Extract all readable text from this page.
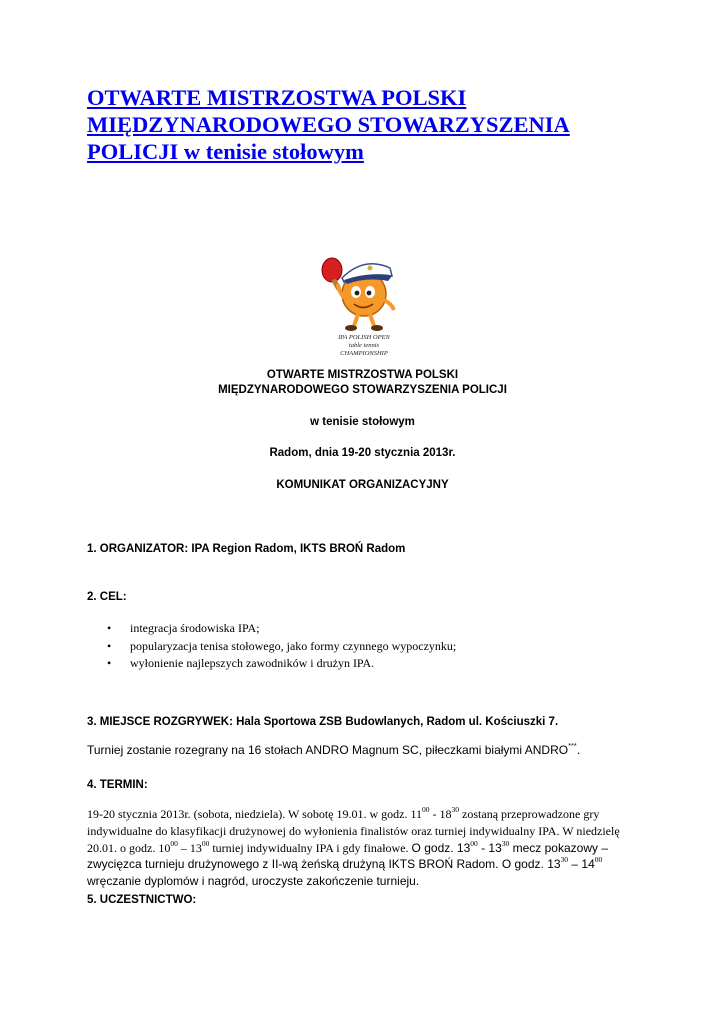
OTWARTE MISTRZOSTWA POLSKI
MIĘDZYNARODOWEGO STOWARZYSZENIA
POLICJI w tenisie stołowym
IPA POLISH OPEN
table tennis
CHAMPIONSHIP
OTWARTE MISTRZOSTWA POLSKI
MIĘDZYNARODOWEGO STOWARZYSZENIA POLICJI
w tenisie stołowym
Radom, dnia 19-20 stycznia 2013r.
KOMUNIKAT ORGANIZACYJNY
1. ORGANIZATOR: IPA Region Radom, IKTS BROŃ Radom
2. CEL:
• integracja środowiska IPA;
• popularyzacja tenisa stołowego, jako formy czynnego wypoczynku;
• wyłonienie najlepszych zawodników i drużyn IPA.
3. MIEJSCE ROZGRYWEK: Hala Sportowa ZSB Budowlanych, Radom ul. Kościuszki 7.
Turniej zostanie rozegrany na 16 stołach ANDRO Magnum SC, piłeczkami białymi ANDRO***.
4. TERMIN:
19-20 stycznia 2013r. (sobota, niedziela). W sobotę 19.01. w godz. $11^{00} - 18^{30}$ zostaną przeprowadzone gry indywidualne do klasyfikacji drużynowej do wyłonienia finalistów oraz turniej indywidualny IPA. W niedzielę 20.01. o godz. $10^{00} - 13^{00}$ turniej indywidualny IPA i gdy finałowe. O godz. $13^{00} - 13^{30}$ mecz pokazowy – zwycięzca turnieju drużynowego z II-wą żeńską drużyną IKTS BROŃ Radom. O godz. $13^{30} - 14^{00}$ wręczanie dyplomów i nagród, uroczyste zakończenie turnieju.
5. UCZESTNICTWO:
